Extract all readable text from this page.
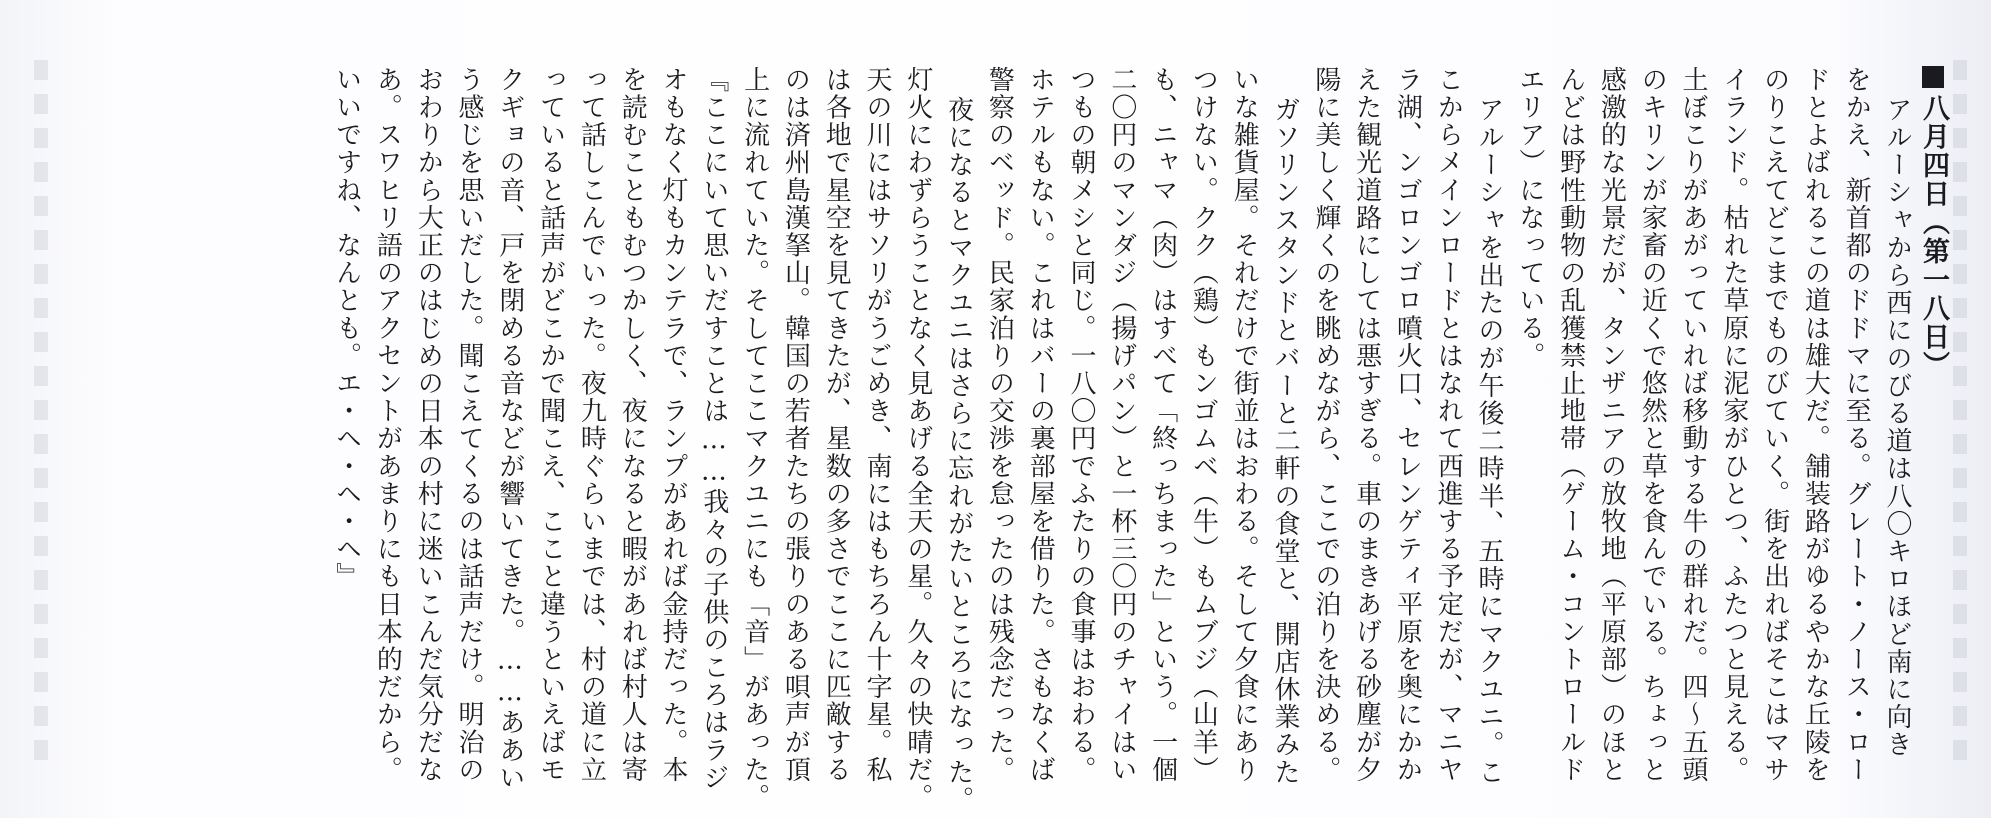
八月四日（第一八日）
アルーシャから西にのびる道は八〇キロほど南に向き
をかえ、新首都のドドマに至る。グレート・ノース・ロー
ドとよばれるこの道は雄大だ。舗装路がゆるやかな丘陵を
のりこえてどこまでものびていく。街を出ればそこはマサ
イランド。枯れた草原に泥家がひとつ、ふたつと見える。
土ぼこりがあがっていれば移動する牛の群れだ。四～五頭
のキリンが家畜の近くで悠然と草を食んでいる。ちょっと
感激的な光景だが、タンザニアの放牧地（平原部）のほと
んどは野性動物の乱獲禁止地帯（ゲーム・コントロールド
エリア）になっている。
アルーシャを出たのが午後二時半、五時にマクユニ。こ
こからメインロードとはなれて西進する予定だが、マニヤ
ラ湖、ンゴロンゴロ噴火口、セレンゲティ平原を奥にかか
えた観光道路にしては悪すぎる。車のまきあげる砂塵が夕
陽に美しく輝くのを眺めながら、ここでの泊りを決める。
ガソリンスタンドとバーと二軒の食堂と、開店休業みた
いな雑貨屋。それだけで街並はおわる。そして夕食にあり
つけない。クク（鶏）もンゴムベ（牛）もムブジ（山羊）
も、ニャマ（肉）はすべて「終っちまった」という。一個
二〇円のマンダジ（揚げパン）と一杯三〇円のチャイはい
つもの朝メシと同じ。一八〇円でふたりの食事はおわる。
ホテルもない。これはバーの裏部屋を借りた。さもなくば
警察のベッド。民家泊りの交渉を怠ったのは残念だった。
夜になるとマクユニはさらに忘れがたいところになった。
灯火にわずらうことなく見あげる全天の星。久々の快晴だ。
天の川にはサソリがうごめき、南にはもちろん十字星。私
は各地で星空を見てきたが、星数の多さでここに匹敵する
のは済州島漢拏山。韓国の若者たちの張りのある唄声が頂
上に流れていた。そしてここマクユニにも「音」があった。
『ここにいて思いだすことは……我々の子供のころはラジ
オもなく灯もカンテラで、ランプがあれば金持だった。本
を読むこともむつかしく、夜になると暇があれば村人は寄
って話しこんでいった。夜九時ぐらいまでは、村の道に立
っていると話声がどこかで聞こえ、ここと違うといえばモ
クギョの音、戸を閉める音などが響いてきた。……ああい
う感じを思いだした。聞こえてくるのは話声だけ。明治の
おわりから大正のはじめの日本の村に迷いこんだ気分だな
あ。スワヒリ語のアクセントがあまりにも日本的だから。
いいですね、なんとも。エ・ヘ・ヘ・ヘ』
